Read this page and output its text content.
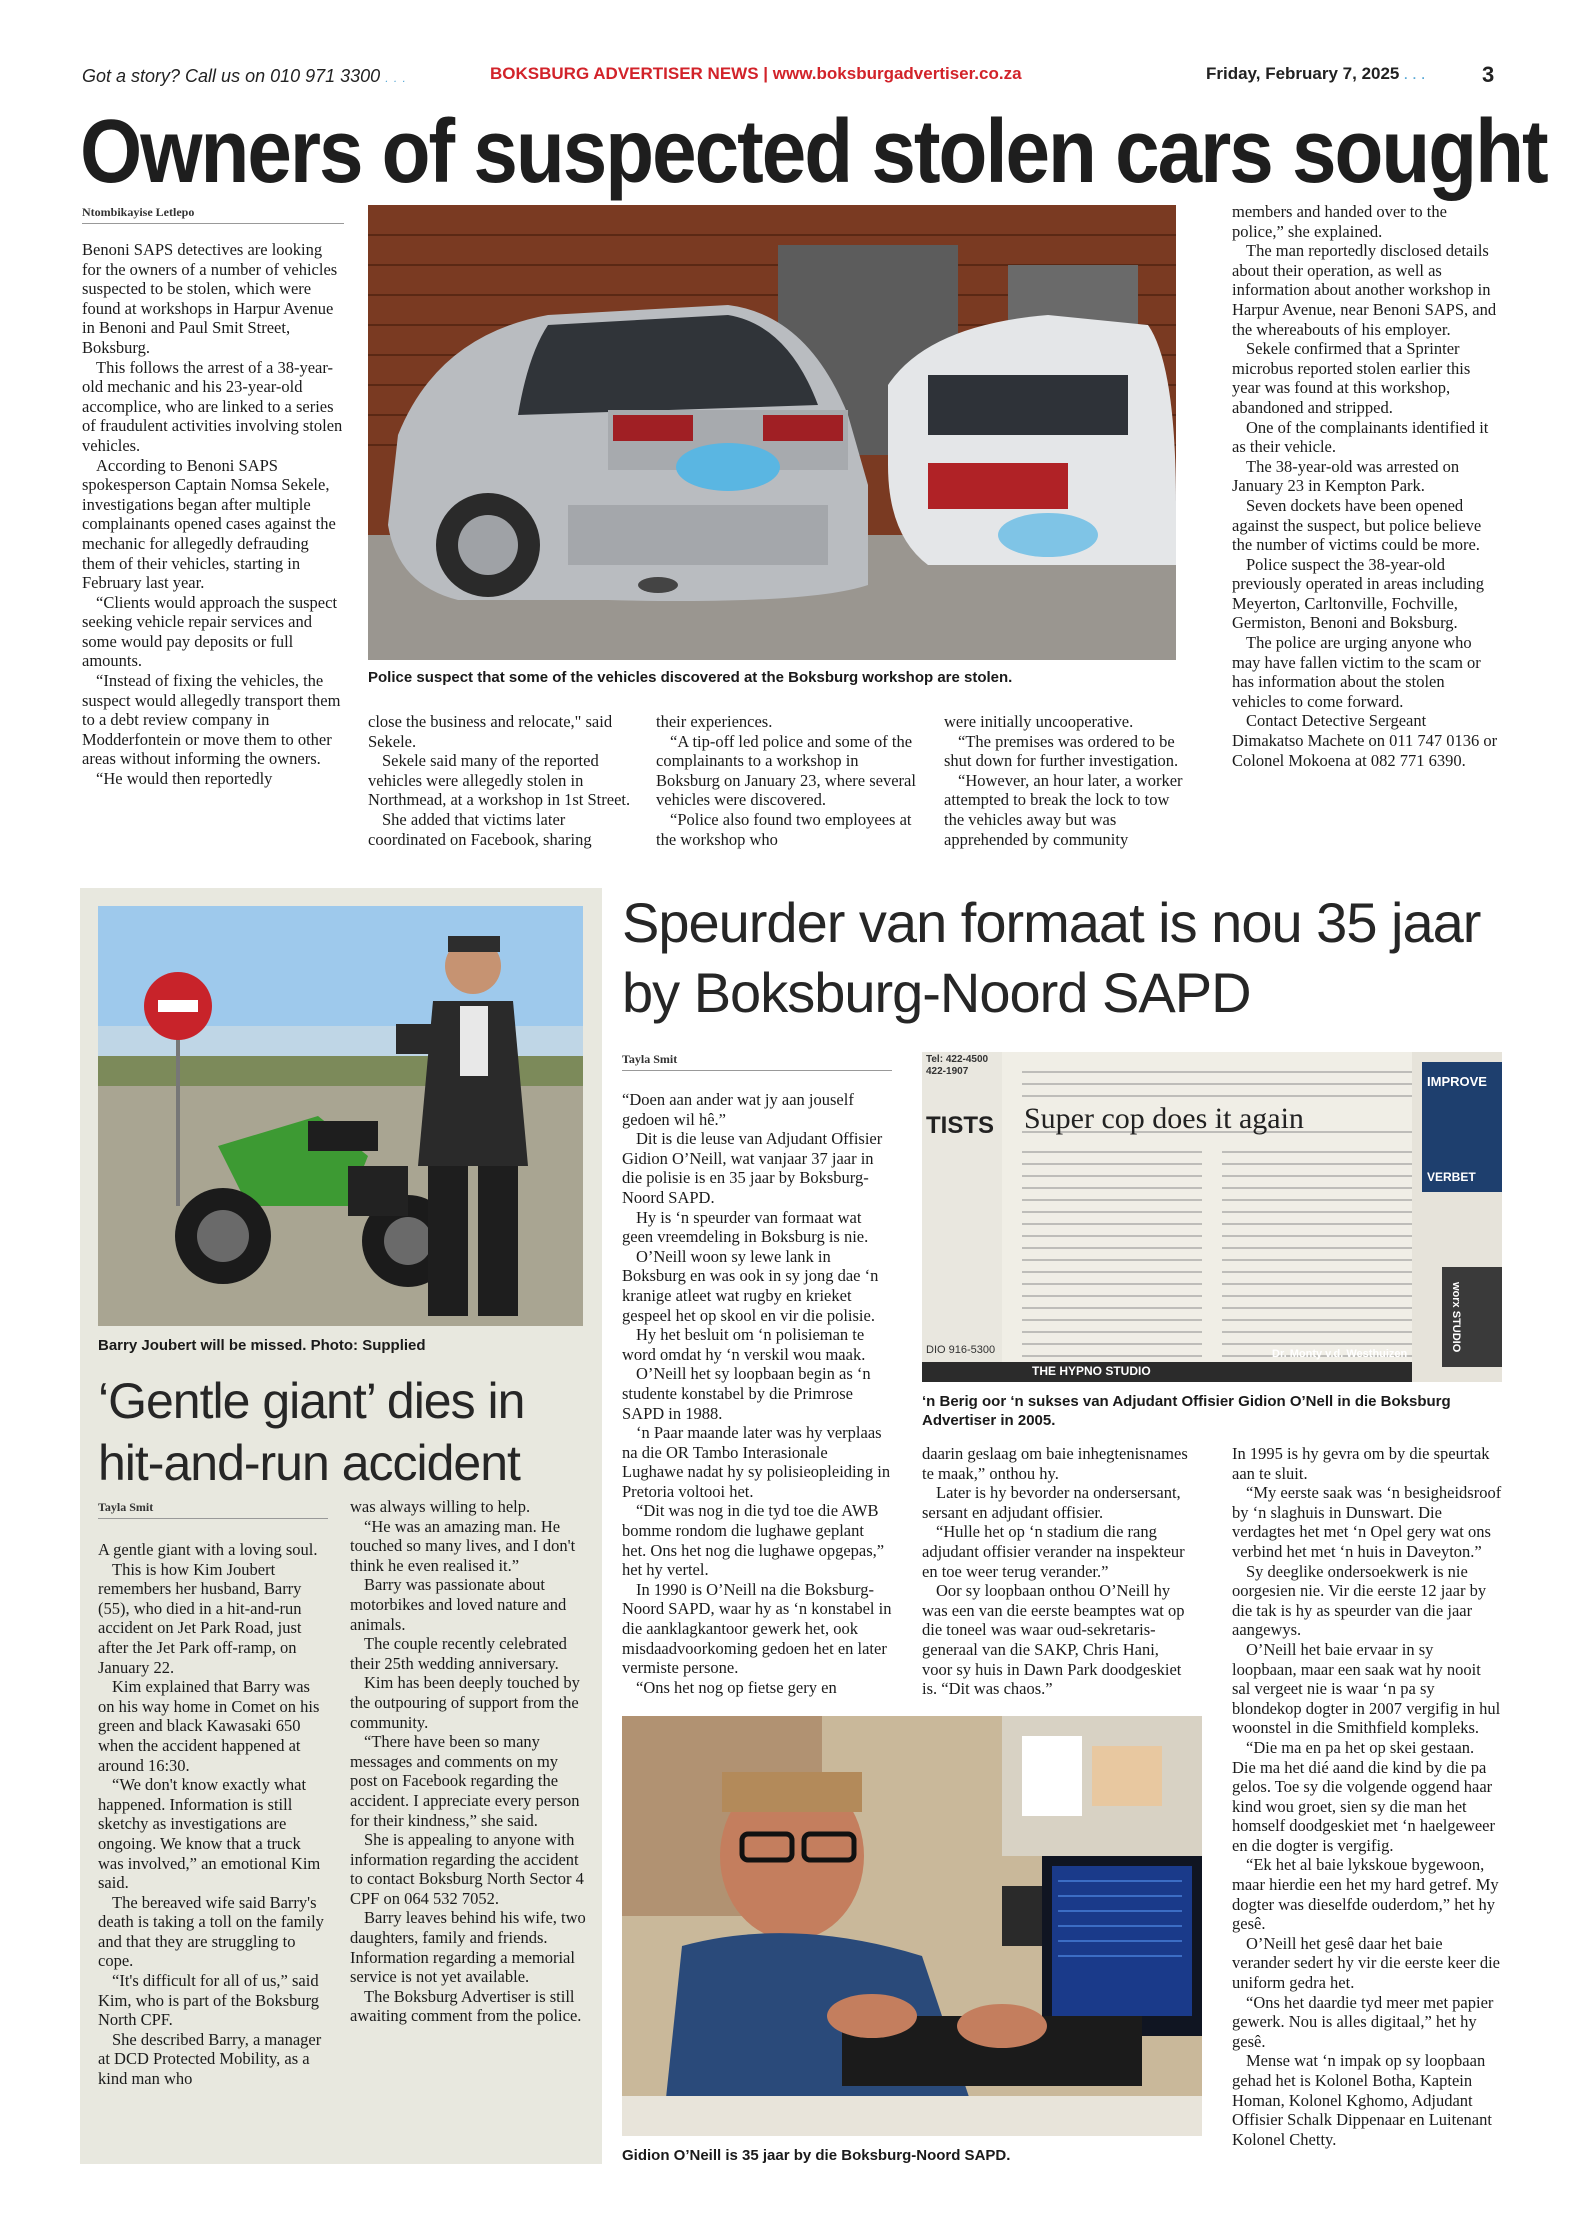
Got a story? Call us on 010 971 3300 . . .	BOKSBURG ADVERTISER NEWS | www.boksburgadvertiser.co.za	Friday, February 7, 2025 . . .	3
Owners of suspected stolen cars sought
Ntombikayise Letlepo

Benoni SAPS detectives are looking for the owners of a number of vehicles suspected to be stolen, which were found at workshops in Harpur Avenue in Benoni and Paul Smit Street, Boksburg.

This follows the arrest of a 38-year-old mechanic and his 23-year-old accomplice, who are linked to a series of fraudulent activities involving stolen vehicles.

According to Benoni SAPS spokesperson Captain Nomsa Sekele, investigations began after multiple complainants opened cases against the mechanic for allegedly defrauding them of their vehicles, starting in February last year.

“Clients would approach the suspect seeking vehicle repair services and some would pay deposits or full amounts.

“Instead of fixing the vehicles, the suspect would allegedly transport them to a debt review company in Modderfontein or move them to other areas without informing the owners.

“He would then reportedly

Police suspect that some of the vehicles discovered at the Boksburg workshop are stolen.

close the business and relocate," said Sekele.

Sekele said many of the reported vehicles were allegedly stolen in Northmead, at a workshop in 1st Street.

She added that victims later coordinated on Facebook, sharing

their experiences.

“A tip-off led police and some of the complainants to a workshop in Boksburg on January 23, where several vehicles were discovered.

“Police also found two employees at the workshop who

were initially uncooperative.

“The premises was ordered to be shut down for further investigation.

“However, an hour later, a worker attempted to break the lock to tow the vehicles away but was apprehended by community

members and handed over to the police,” she explained.

The man reportedly disclosed details about their operation, as well as information about another workshop in Harpur Avenue, near Benoni SAPS, and the whereabouts of his employer.

Sekele confirmed that a Sprinter microbus reported stolen earlier this year was found at this workshop, abandoned and stripped.

One of the complainants identified it as their vehicle.

The 38-year-old was arrested on January 23 in Kempton Park.

Seven dockets have been opened against the suspect, but police believe the number of victims could be more.

Police suspect the 38-year-old previously operated in areas including Meyerton, Carltonville, Fochville, Germiston, Benoni and Boksburg.

The police are urging anyone who may have fallen victim to the scam or has information about the stolen vehicles to come forward.

Contact Detective Sergeant Dimakatso Machete on 011 747 0136 or Colonel Mokoena at 082 771 6390.

Barry Joubert will be missed. Photo: Supplied
‘Gentle giant’ dies in hit-and-run accident
Tayla Smit

A gentle giant with a loving soul.

This is how Kim Joubert remembers her husband, Barry (55), who died in a hit-and-run accident on Jet Park Road, just after the Jet Park off-ramp, on January 22.

Kim explained that Barry was on his way home in Comet on his green and black Kawasaki 650 when the accident happened at around 16:30.

“We don't know exactly what happened. Information is still sketchy as investigations are ongoing. We know that a truck was involved,” an emotional Kim said.

The bereaved wife said Barry's death is taking a toll on the family and that they are struggling to cope.

“It's difficult for all of us,” said Kim, who is part of the Boksburg North CPF.

She described Barry, a manager at DCD Protected Mobility, as a kind man who

was always willing to help.

“He was an amazing man. He touched so many lives, and I don't think he even realised it.”

Barry was passionate about motorbikes and loved nature and animals.

The couple recently celebrated their 25th wedding anniversary.

Kim has been deeply touched by the outpouring of support from the community.

“There have been so many messages and comments on my post on Facebook regarding the accident. I appreciate every person for their kindness,” she said.

She is appealing to anyone with information regarding the accident to contact Boksburg North Sector 4 CPF on 064 532 7052.

Barry leaves behind his wife, two daughters, family and friends. Information regarding a memorial service is not yet available.

The Boksburg Advertiser is still awaiting comment from the police.

Speurder van formaat is nou 35 jaar by Boksburg-Noord SAPD
Tayla Smit

“Doen aan ander wat jy aan jouself gedoen wil hê.”

Dit is die leuse van Adjudant Offisier Gidion O’Neill, wat vanjaar 37 jaar in die polisie is en 35 jaar by Boksburg-Noord SAPD.

Hy is ‘n speurder van formaat wat geen vreemdeling in Boksburg is nie.

O’Neill woon sy lewe lank in Boksburg en was ook in sy jong dae ‘n kranige atleet wat rugby en krieket gespeel het op skool en vir die polisie.

Hy het besluit om ‘n polisieman te word omdat hy ‘n verskil wou maak.

O’Neill het sy loopbaan begin as ‘n studente konstabel by die Primrose SAPD in 1988.

‘n Paar maande later was hy verplaas na die OR Tambo Interasionale Lughawe nadat hy sy polisieopleiding in Pretoria voltooi het.

“Dit was nog in die tyd toe die AWB bomme rondom die lughawe geplant het. Ons het nog die lughawe opgepas,” het hy vertel.

In 1990 is O’Neill na die Boksburg-Noord SAPD, waar hy as ‘n konstabel in die aanklagkantoor gewerk het, ook misdaadvoorkoming gedoen het en later vermiste persone.

“Ons het nog op fietse gery en

Tel: 422-4500 422-1907
TISTS
DIO 916-5300
Super cop does it again
IMPROVE
VERBET
worx STUDIO
Dr. Monty v.d. Westhuizen
THE HYPNO STUDIO
‘n Berig oor ‘n sukses van Adjudant Offisier Gidion O’Nell in die Boksburg Advertiser in 2005.

daarin geslaag om baie inhegtenisnames te maak,” onthou hy.

Later is hy bevorder na ondersersant, sersant en adjudant offisier.

“Hulle het op ‘n stadium die rang adjudant offisier verander na inspekteur en toe weer terug verander.”

Oor sy loopbaan onthou O’Neill hy was een van die eerste beamptes wat op die toneel was waar oud-sekretaris-generaal van die SAKP, Chris Hani, voor sy huis in Dawn Park doodgeskiet is. “Dit was chaos.”

In 1995 is hy gevra om by die speurtak aan te sluit.

“My eerste saak was ‘n besigheidsroof by ‘n slaghuis in Dunswart. Die verdagtes het met ‘n Opel gery wat ons verbind het met ‘n huis in Daveyton.”

Sy deeglike ondersoekwerk is nie oorgesien nie. Vir die eerste 12 jaar by die tak is hy as speurder van die jaar aangewys.

O’Neill het baie ervaar in sy loopbaan, maar een saak wat hy nooit sal vergeet nie is waar ‘n pa sy blondekop dogter in 2007 vergifig in hul woonstel in die Smithfield kompleks.

“Die ma en pa het op skei gestaan. Die ma het dié aand die kind by die pa gelos. Toe sy die volgende oggend haar kind wou groet, sien sy die man het homself doodgeskiet met ‘n haelgeweer en die dogter is vergifig.

“Ek het al baie lykskoue bygewoon, maar hierdie een het my hard getref. My dogter was dieselfde ouderdom,” het hy gesê.

O’Neill het gesê daar het baie verander sedert hy vir die eerste keer die uniform gedra het.

“Ons het daardie tyd meer met papier gewerk. Nou is alles digitaal,” het hy gesê.

Mense wat ‘n impak op sy loopbaan gehad het is Kolonel Botha, Kaptein Homan, Kolonel Kghomo, Adjudant Offisier Schalk Dippenaar en Luitenant Kolonel Chetty.

Gidion O’Neill is 35 jaar by die Boksburg-Noord SAPD.
